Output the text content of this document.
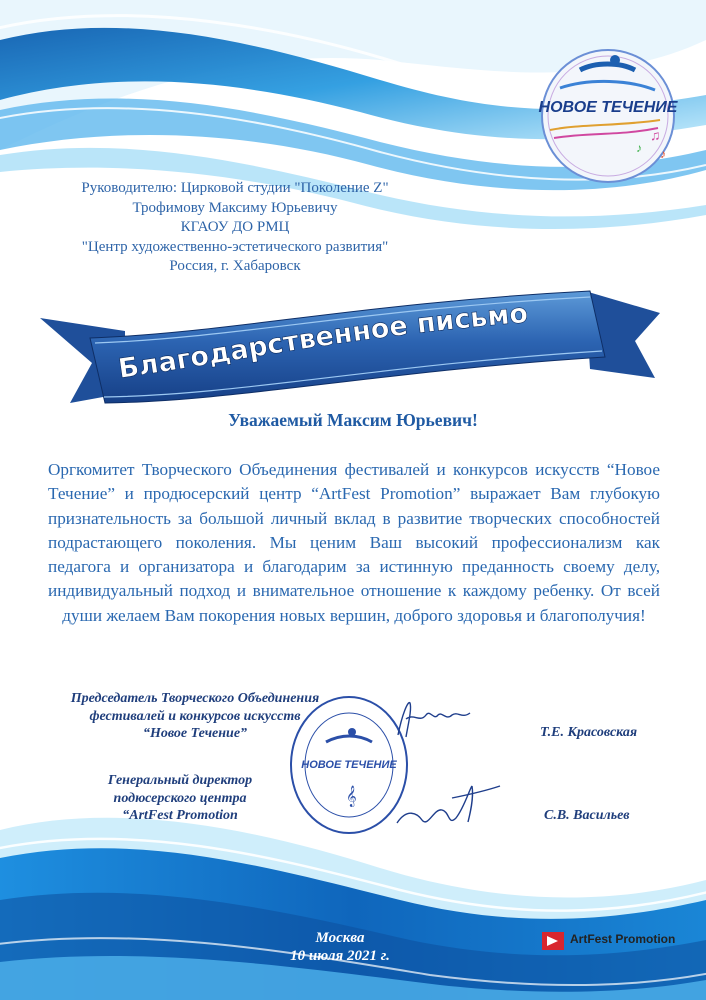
НОВОЕ ТЕЧЕНИЕ
♫
♪ ♪
Руководителю: Цирковой студии "Поколение Z"
Трофимову Максиму Юрьевичу
КГАОУ ДО РМЦ
"Центр художественно-эстетического развития"
Россия, г. Хабаровск
Благодарственное письмо
Уважаемый Максим Юрьевич!
Оргкомитет Творческого Объединения фестивалей и конкурсов искусств “Новое Течение” и продюсерский центр “ArtFest Promotion” выражает Вам глубокую признательность за большой личный вклад в развитие творческих способностей подрастающего поколения. Мы ценим Ваш высокий профессионализм как педагога и организатора и благодарим за истинную преданность своему делу, индивидуальный подход и внимательное отношение к каждому ребенку. От всей души желаем Вам покорения новых вершин, доброго здоровья и благополучия!
Председатель Творческого Объединения
фестивалей и конкурсов искусств
“Новое Течение”	Т.Е. Красовская
Генеральный директор
подюсерского центра
“ArtFest Promotion	С.В. Васильев
НОВОЕ ТЕЧЕНИЕ
𝄞
Москва
10 июля 2021 г.
ArtFest Promotion
